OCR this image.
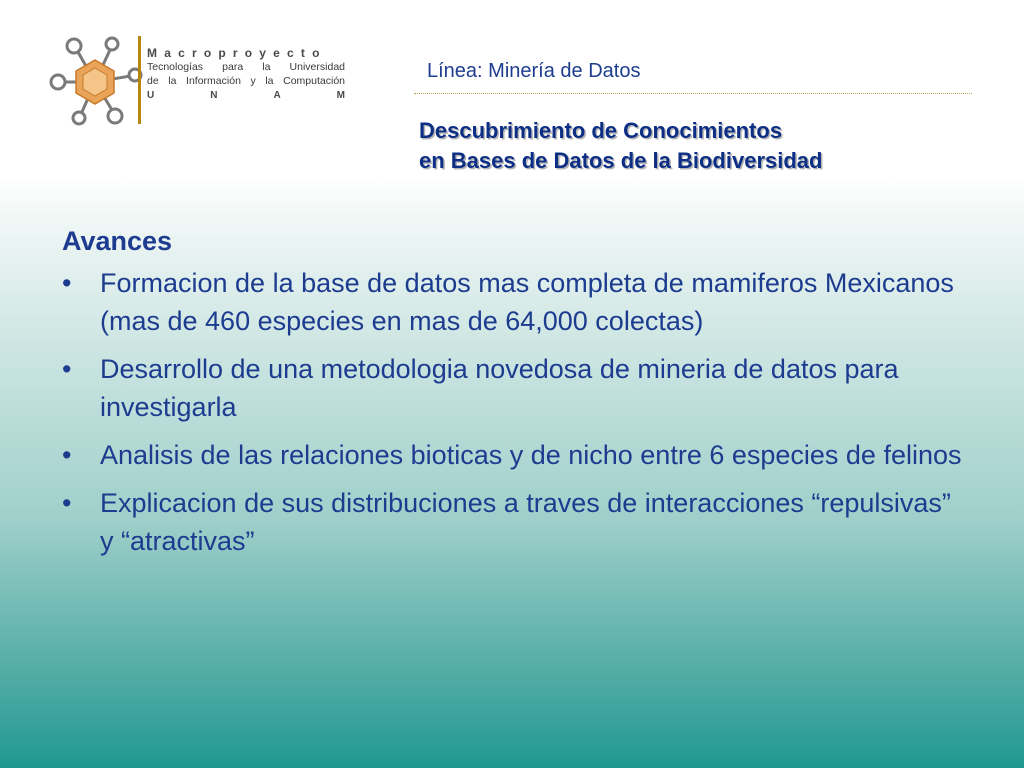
Macroproyecto
Tecnologías para la Universidad
de la Información y la Computación
U	N	A	M
Línea: Minería de Datos
Descubrimiento de Conocimientos
en Bases de Datos de la Biodiversidad
Avances
•	Formacion de la base de datos mas completa de mamiferos Mexicanos (mas de 460 especies en mas de 64,000 colectas)
•	Desarrollo de una metodologia novedosa de mineria de datos para investigarla
•	Analisis de las relaciones bioticas y de nicho entre 6 especies de felinos
•	Explicacion de sus distribuciones a traves de interacciones “repulsivas” y “atractivas”
